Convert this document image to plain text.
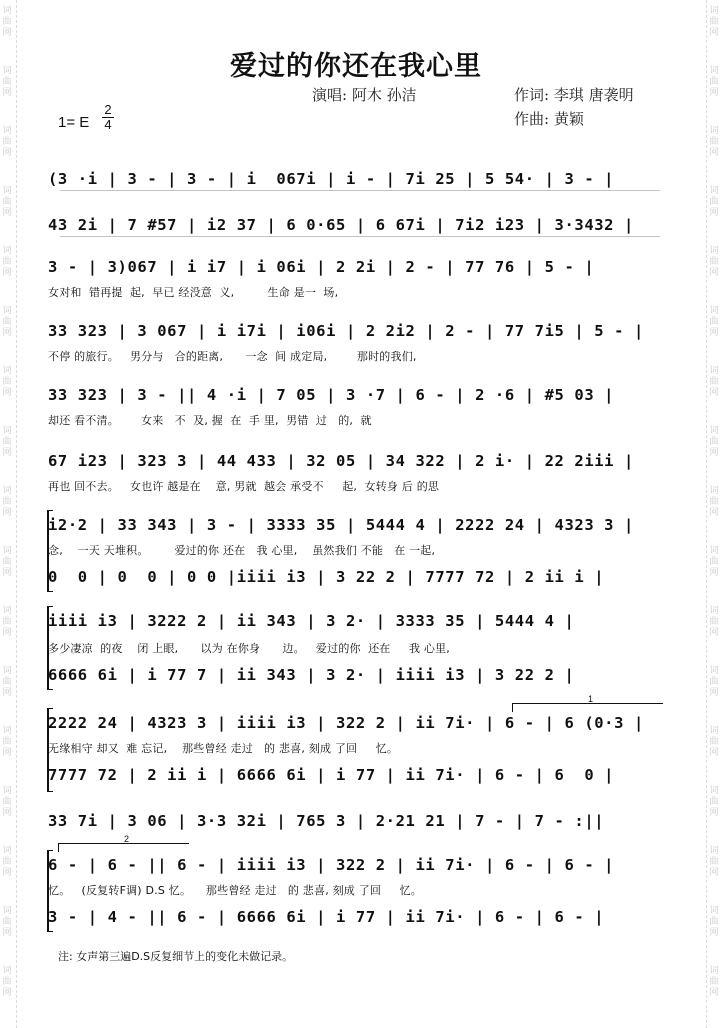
词曲网
词曲网
词曲网
词曲网
词曲网
词曲网
词曲网
词曲网
词曲网
词曲网
词曲网
词曲网
词曲网
词曲网
词曲网
词曲网
词曲网
词曲网
词曲网
词曲网
词曲网
词曲网
词曲网
词曲网
词曲网
词曲网
词曲网
词曲网
词曲网
词曲网
词曲网
词曲网
词曲网
词曲网
爱过的你还在我心里
演唱: 阿木 孙洁	作词: 李琪 唐袭明
作曲: 黄颖
1= E
2
4
(3 ·i | 3 - | 3 - | i  067i | i - | 7i 25 | 5 54· | 3 - |
43 2i | 7 #57 | i2 37 | 6 0·65 | 6 67i | 7i2 i23 | 3·3432 |
3 - | 3)067 | i i7 | i 06i | 2 2i | 2 - | 77 76 | 5 - |
女对和  错再提  起,  早已 经没意  义,         生命 是一  场,
33 323 | 3 067 | i i7i | i06i | 2 2i2 | 2 - | 77 7i5 | 5 - |
不停 的旅行。   男分与   合的距离,      一念  间 成定局,        那时的我们,
33 323 | 3 - || 4 ·i | 7 05 | 3 ·7 | 6 - | 2 ·6 | #5 03 |
却还 看不清。      女来   不  及, 握  在  手 里,  男错  过   的,  就
67 i23 | 323 3 | 44 433 | 32 05 | 34 322 | 2 i· | 22 2iii |
再也 回不去。   女也许 越是在    意, 男就  越会 承受不     起,  女转身 后 的思
i2·2 | 33 343 | 3 - | 3333 35 | 5444 4 | 2222 24 | 4323 3 |
念,    一天 天堆积。       爱过的你 还在   我 心里,    虽然我们 不能   在 一起,
0  0 | 0  0 | 0 0 |iiii i3 | 3 22 2 | 7777 72 | 2 ii i |
iiii i3 | 3222 2 | ii 343 | 3 2· | 3333 35 | 5444 4 |
多少凄凉  的夜    闭 上眼,      以为 在你身      边。   爱过的你  还在     我 心里,
6666 6i | i 77 7 | ii 343 | 3 2· | iiii i3 | 3 22 2 |
1
2222 24 | 4323 3 | iiii i3 | 322 2 | ii 7i· | 6 - | 6 (0·3 |
无缘相守 却又  难 忘记,    那些曾经 走过   的 悲喜, 刻成 了回     忆。
7777 72 | 2 ii i | 6666 6i | i 77 | ii 7i· | 6 - | 6  0 |
33 7i | 3 06 | 3·3 32i | 765 3 | 2·21 21 | 7 - | 7 - :||
2
6 - | 6 - || 6 - | iiii i3 | 322 2 | ii 7i· | 6 - | 6 - |
忆。   (反复转F调) D.S 忆。    那些曾经 走过   的 悲喜, 刻成 了回     忆。
3 - | 4 - || 6 - | 6666 6i | i 77 | ii 7i· | 6 - | 6 - |
注: 女声第三遍D.S反复细节上的变化未做记录。
